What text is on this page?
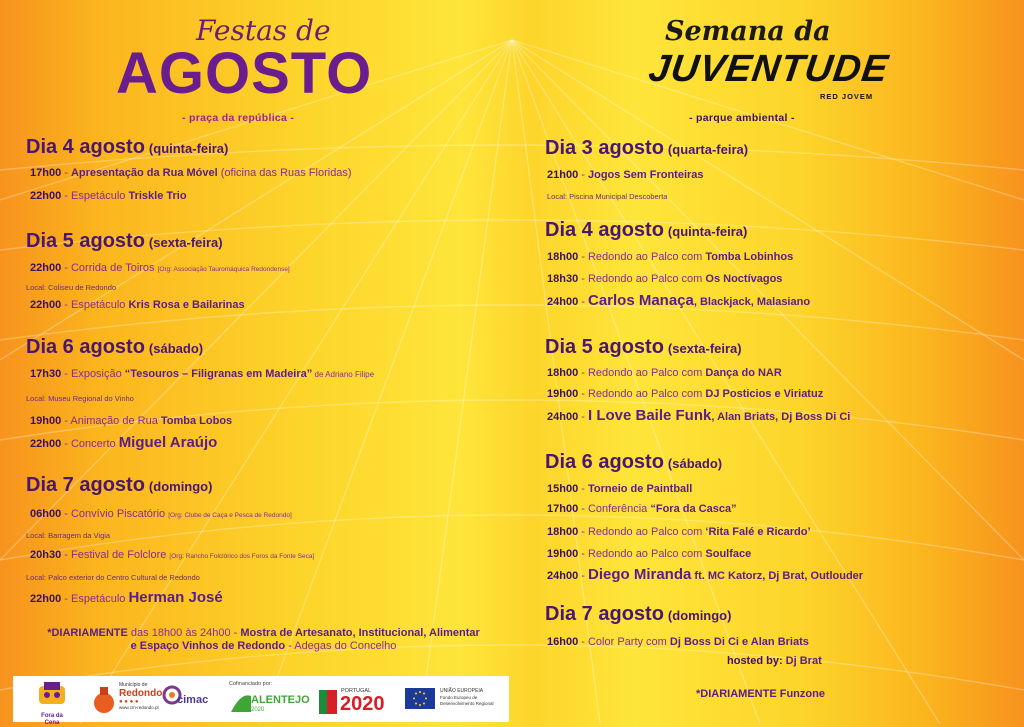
Festas de
AGOSTO
- praça da república -
Dia 4 agosto (quinta-feira)
17h00 - Apresentação da Rua Móvel (oficina das Ruas Floridas)
22h00 - Espetáculo Triskle Trio
Dia 5 agosto (sexta-feira)
22h00 - Corrida de Toiros [Org: Associação Tauromáquica Redondense]
Local: Coliseu de Redondo
22h00 - Espetáculo Kris Rosa e Bailarinas
Dia 6 agosto (sábado)
17h30 - Exposição “Tesouros – Filigranas em Madeira” de Adriano Filipe
Local: Museu Regional do Vinho
19h00 - Animação de Rua Tomba Lobos
22h00 - Concerto Miguel Araújo
Dia 7 agosto (domingo)
06h00 - Convívio Piscatório [Org: Clube de Caça e Pesca de Redondo]
Local: Barragem da Vigia
20h30 - Festival de Folclore [Org: Rancho Folclórico dos Foros da Fonte Seca]
Local: Palco exterior do Centro Cultural de Redondo
22h00 - Espetáculo Herman José
*DIARIAMENTE das 18h00 às 24h00 - Mostra de Artesanato, Institucional, Alimentar
e Espaço Vinhos de Redondo - Adegas do Concelho
Semana da
JUVENTUDE
RED JOVEM
- parque ambiental -
Dia 3 agosto (quarta-feira)
21h00 - Jogos Sem Fronteiras
Local: Piscina Municipal Descoberta
Dia 4 agosto (quinta-feira)
18h00 - Redondo ao Palco com Tomba Lobinhos
18h30 - Redondo ao Palco com Os Noctívagos
24h00 - Carlos Manaça, Blackjack, Malasiano
Dia 5 agosto (sexta-feira)
18h00 - Redondo ao Palco com Dança do NAR
19h00 - Redondo ao Palco com DJ Posticios e Viriatuz
24h00 - I Love Baile Funk, Alan Briats, Dj Boss Di Ci
Dia 6 agosto (sábado)
15h00 - Torneio de Paintball
17h00 - Conferência “Fora da Casca”
18h00 - Redondo ao Palco com ‘Rita Falé e Ricardo’
19h00 - Redondo ao Palco com Soulface
24h00 - Diego Miranda ft. MC Katorz, Dj Brat, Outlouder
Dia 7 agosto (domingo)
16h00 - Color Party com Dj Boss Di Ci e Alan Briats
hosted by: Dj Brat
*DIARIAMENTE Funzone
Fora da Cena
Município de
Redondo
● ● ● ●
www.cm-redondo.pt
cimac
Cofinanciado por:
ALENTEJO
2020
PORTUGAL
2020
UNIÃO EUROPEIA
Fundo Europeu de Desenvolvimento Regional
